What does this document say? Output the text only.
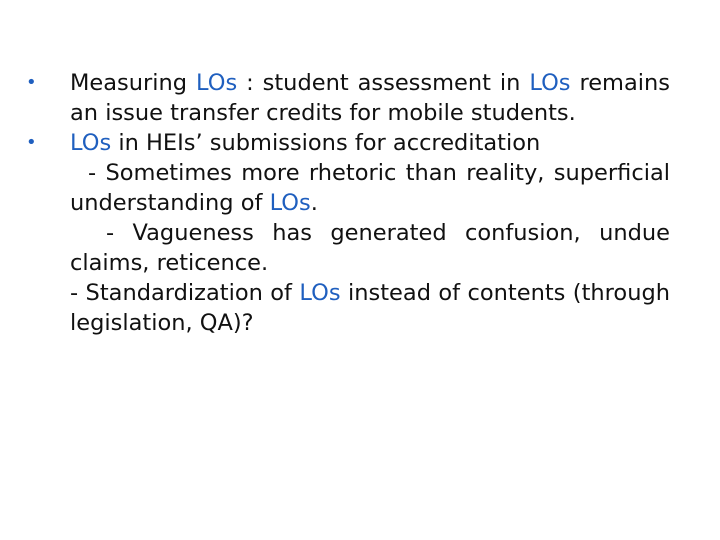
• Measuring LOs : student assessment in LOs remains an issue transfer credits for mobile students.

• LOs in HEIs’ submissions for accreditation

- Sometimes more rhetoric than reality, superficial understanding of LOs.

- Vagueness has generated confusion, undue claims, reticence.

- Standardization of LOs instead of contents (through legislation, QA)?
